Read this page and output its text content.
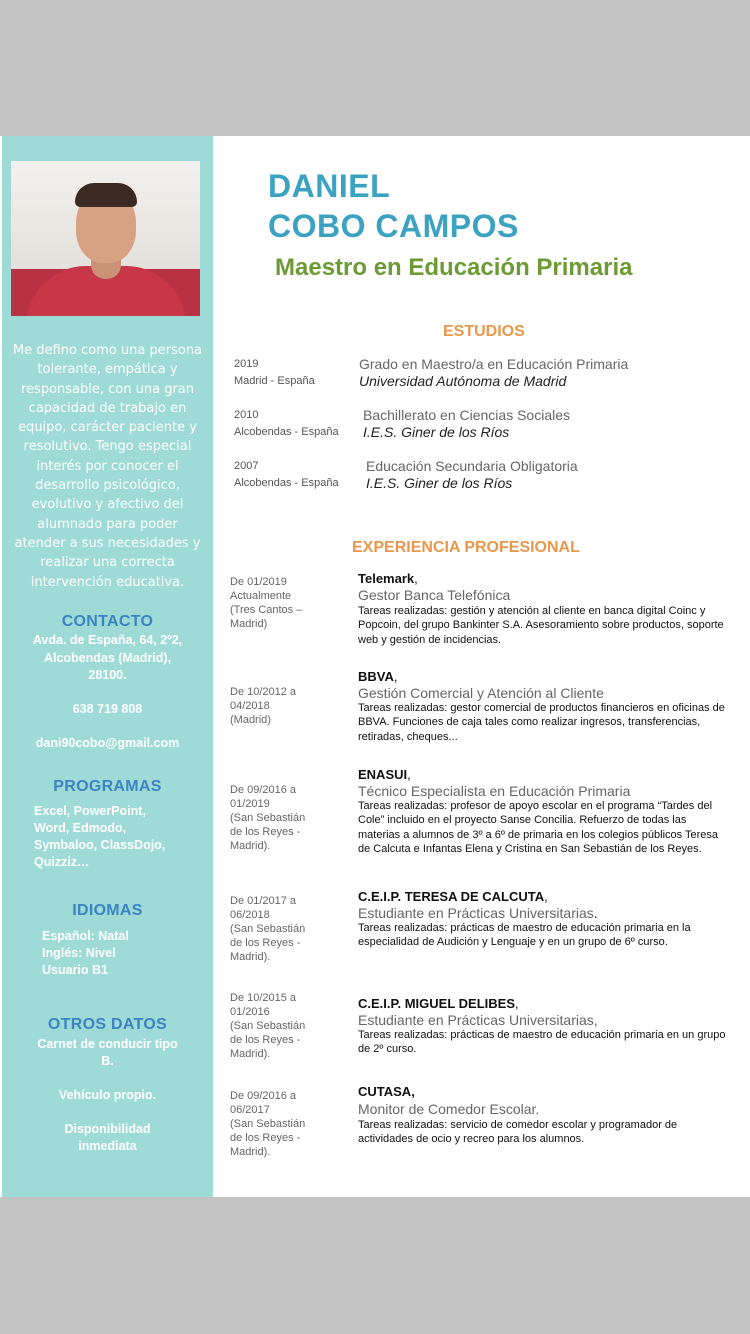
Me defino como una persona tolerante, empática y responsable, con una gran capacidad de trabajo en equipo, carácter paciente y resolutivo. Tengo especial interés por conocer el desarrollo psicológico, evolutivo y afectivo del alumnado para poder atender a sus necesidades y realizar una correcta intervención educativa.
CONTACTO
Avda. de España, 64, 2º2,
Alcobendas (Madrid),
28100.
638 719 808
dani90cobo@gmail.com
PROGRAMAS
Excel, PowerPoint,
Word, Edmodo,
Symbaloo, ClassDojo,
Quizziz…
IDIOMAS
Español: Natal
Inglés: Nivel
Usuario B1
OTROS DATOS
Carnet de conducir tipo
B.
Vehículo propio.
Disponibilidad
inmediata
DANIEL
COBO CAMPOS
Maestro en Educación Primaria
ESTUDIOS
2019
Madrid - España
Grado en Maestro/a en Educación Primaria
Universidad Autónoma de Madrid
2010
Alcobendas - España
Bachillerato en Ciencias Sociales
I.E.S. Giner de los Ríos
2007
Alcobendas - España
Educación Secundaria Obligatoria
I.E.S. Giner de los Ríos
EXPERIENCIA PROFESIONAL
De 01/2019
Actualmente
(Tres Cantos –
Madrid)
Telemark,
Gestor Banca Telefónica
Tareas realizadas: gestión y atención al cliente en banca digital Coinc y Popcoin, del grupo Bankinter S.A. Asesoramiento sobre productos, soporte web y gestión de incidencias.
De 10/2012 a
04/2018
(Madrid)
BBVA,
Gestión Comercial y Atención al Cliente
Tareas realizadas: gestor comercial de productos financieros en oficinas de BBVA. Funciones de caja tales como realizar ingresos, transferencias, retiradas, cheques...
De 09/2016 a
01/2019
(San Sebastián
de los Reyes -
Madrid).
ENASUI,
Técnico Especialista en Educación Primaria
Tareas realizadas: profesor de apoyo escolar en el programa “Tardes del Cole” incluido en el proyecto Sanse Concilia. Refuerzo de todas las materias a alumnos de 3º a 6º de primaria en los colegios públicos Teresa de Calcuta e Infantas Elena y Cristina en San Sebastián de los Reyes.
De 01/2017 a
06/2018
(San Sebastián
de los Reyes -
Madrid).
C.E.I.P. TERESA DE CALCUTA,
Estudiante en Prácticas Universitarias.
Tareas realizadas: prácticas de maestro de educación primaria en la especialidad de Audición y Lenguaje y en un grupo de 6º curso.
De 10/2015 a
01/2016
(San Sebastián
de los Reyes -
Madrid).
C.E.I.P. MIGUEL DELIBES,
Estudiante en Prácticas Universitarias,
Tareas realizadas: prácticas de maestro de educación primaria en un grupo de 2º curso.
De 09/2016 a
06/2017
(San Sebastián
de los Reyes -
Madrid).
CUTASA,
Monitor de Comedor Escolar.
Tareas realizadas: servicio de comedor escolar y programador de actividades de ocio y recreo para los alumnos.
